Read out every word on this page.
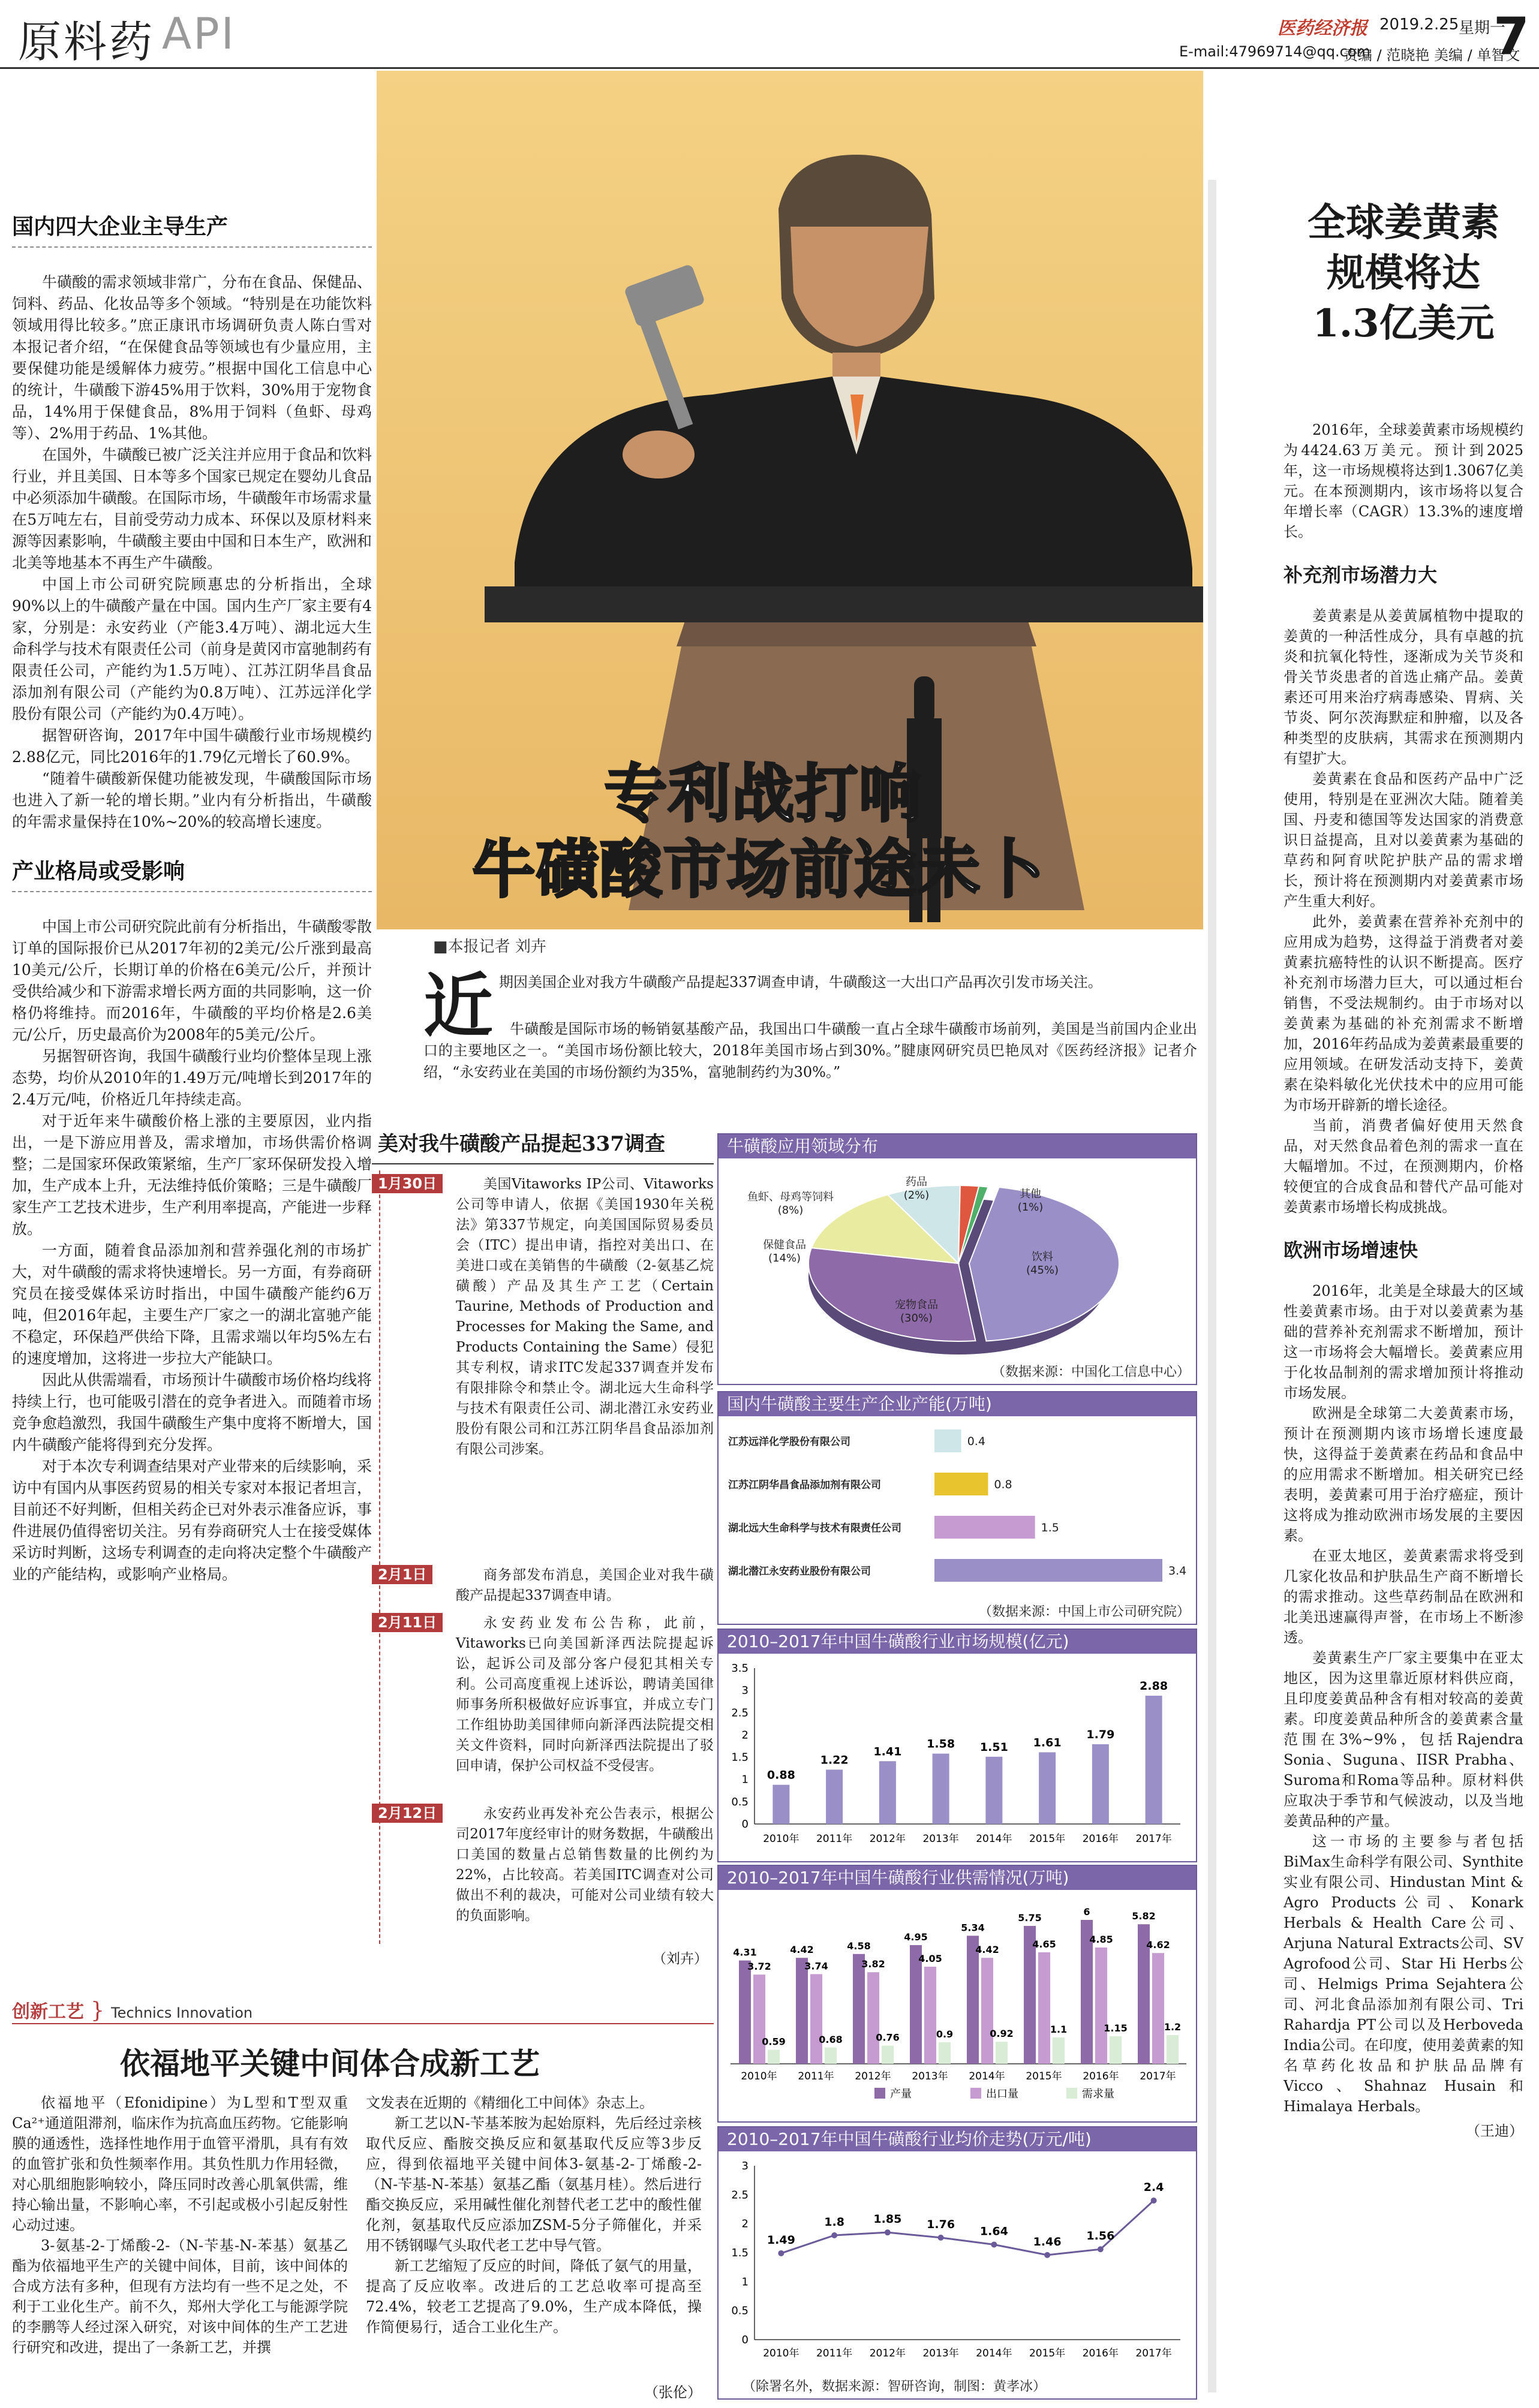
原料药 API	医药经济报 2019.2.25 星期一
E-mail:47969714@qq.com
责编 / 范晓艳 美编 / 单智文
7
国内四大企业主导生产

牛磺酸的需求领域非常广，分布在食品、保健品、饲料、药品、化妆品等多个领域。“特别是在功能饮料领域用得比较多。”庶正康讯市场调研负责人陈白雪对本报记者介绍，“在保健食品等领域也有少量应用，主要保健功能是缓解体力疲劳。”根据中国化工信息中心的统计，牛磺酸下游45%用于饮料，30%用于宠物食品，14%用于保健食品，8%用于饲料（鱼虾、母鸡等）、2%用于药品、1%其他。

在国外，牛磺酸已被广泛关注并应用于食品和饮料行业，并且美国、日本等多个国家已规定在婴幼儿食品中必须添加牛磺酸。在国际市场，牛磺酸年市场需求量在5万吨左右，目前受劳动力成本、环保以及原材料来源等因素影响，牛磺酸主要由中国和日本生产，欧洲和北美等地基本不再生产牛磺酸。

中国上市公司研究院顾惠忠的分析指出，全球90%以上的牛磺酸产量在中国。国内生产厂家主要有4家，分别是：永安药业（产能3.4万吨）、湖北远大生命科学与技术有限责任公司（前身是黄冈市富驰制药有限责任公司，产能约为1.5万吨）、江苏江阴华昌食品添加剂有限公司（产能约为0.8万吨）、江苏远洋化学股份有限公司（产能约为0.4万吨）。

据智研咨询，2017年中国牛磺酸行业市场规模约2.88亿元，同比2016年的1.79亿元增长了60.9%。

“随着牛磺酸新保健功能被发现，牛磺酸国际市场也进入了新一轮的增长期。”业内有分析指出，牛磺酸的年需求量保持在10%~20%的较高增长速度。

产业格局或受影响

中国上市公司研究院此前有分析指出，牛磺酸零散订单的国际报价已从2017年初的2美元/公斤涨到最高10美元/公斤，长期订单的价格在6美元/公斤，并预计受供给减少和下游需求增长两方面的共同影响，这一价格仍将维持。而2016年，牛磺酸的平均价格是2.6美元/公斤，历史最高价为2008年的5美元/公斤。

另据智研咨询，我国牛磺酸行业均价整体呈现上涨态势，均价从2010年的1.49万元/吨增长到2017年的2.4万元/吨，价格近几年持续走高。

对于近年来牛磺酸价格上涨的主要原因，业内指出，一是下游应用普及，需求增加，市场供需价格调整；二是国家环保政策紧缩，生产厂家环保研发投入增加，生产成本上升，无法维持低价策略；三是牛磺酸厂家生产工艺技术进步，生产利用率提高，产能进一步释放。

一方面，随着食品添加剂和营养强化剂的市场扩大，对牛磺酸的需求将快速增长。另一方面，有券商研究员在接受媒体采访时指出，中国牛磺酸产能约6万吨，但2016年起，主要生产厂家之一的湖北富驰产能不稳定，环保趋严供给下降，且需求端以年均5%左右的速度增加，这将进一步拉大产能缺口。

因此从供需端看，市场预计牛磺酸市场价格均线将持续上行，也可能吸引潜在的竞争者进入。而随着市场竞争愈趋激烈，我国牛磺酸生产集中度将不断增大，国内牛磺酸产能将得到充分发挥。

对于本次专利调查结果对产业带来的后续影响，采访中有国内从事医药贸易的相关专家对本报记者坦言，目前还不好判断，但相关药企已对外表示准备应诉，事件进展仍值得密切关注。另有券商研究人士在接受媒体采访时判断，这场专利调查的走向将决定整个牛磺酸产业的产能结构，或影响产业格局。

专利战打响
牛磺酸市场前途未卜
■本报记者 刘卉
近 期因美国企业对我方牛磺酸产品提起337调查申请，牛磺酸这一大出口产品再次引发市场关注。
牛磺酸是国际市场的畅销氨基酸产品，我国出口牛磺酸一直占全球牛磺酸市场前列，美国是当前国内企业出口的主要地区之一。“美国市场份额比较大，2018年美国市场占到30%。”腱康网研究员巴艳凤对《医药经济报》记者介绍，“永安药业在美国的市场份额约为35%，富驰制药约为30%。”
美对我牛磺酸产品提起337调查
1月30日	美国Vitaworks IP公司、Vitaworks公司等申请人，依据《美国1930年关税法》第337节规定，向美国国际贸易委员会（ITC）提出申请，指控对美出口、在美进口或在美销售的牛磺酸（2-氨基乙烷磺酸）产品及其生产工艺（Certain Taurine, Methods of Production and Processes for Making the Same, and Products Containing the Same）侵犯其专利权，请求ITC发起337调查并发布有限排除令和禁止令。湖北远大生命科学与技术有限责任公司、湖北潜江永安药业股份有限公司和江苏江阴华昌食品添加剂有限公司涉案。
2月1日	商务部发布消息，美国企业对我牛磺酸产品提起337调查申请。
2月11日	永安药业发布公告称，此前，Vitaworks已向美国新泽西法院提起诉讼，起诉公司及部分客户侵犯其相关专利。公司高度重视上述诉讼，聘请美国律师事务所积极做好应诉事宜，并成立专门工作组协助美国律师向新泽西法院提交相关文件资料，同时向新泽西法院提出了驳回申请，保护公司权益不受侵害。
2月12日	永安药业再发补充公告表示，根据公司2017年度经审计的财务数据，牛磺酸出口美国的数量占总销售数量的比例约为22%，占比较高。若美国ITC调查对公司做出不利的裁决，可能对公司业绩有较大的负面影响。
（刘卉）
牛磺酸应用领域分布
饮料
(45%)
宠物食品
(30%)
保健食品
(14%)
鱼虾、母鸡等饲料
(8%)
药品
(2%)	其他
(1%)
（数据来源：中国化工信息中心）
国内牛磺酸主要生产企业产能(万吨)
江苏远洋化学股份有限公司	0.4
江苏江阴华昌食品添加剂有限公司	0.8
湖北远大生命科学与技术有限责任公司	1.5
湖北潜江永安药业股份有限公司	3.4
（数据来源：中国上市公司研究院）
2010–2017年中国牛磺酸行业市场规模(亿元)
0
0.5
1
1.5
2
2.5
3
3.5
0.88
2010年
1.22
2011年
1.41
2012年
1.58
2013年
1.51
2014年
1.61
2015年
1.79
2016年
2.88
2017年
2010–2017年中国牛磺酸行业供需情况(万吨)
4.31
3.72
0.59
2010年
4.42
3.74
0.68
2011年
4.58
3.82
0.76
2012年
4.95
4.05
0.9
2013年
5.34
4.42
0.92
2014年
5.75
4.65
1.1
2015年
6
4.85
1.15
2016年
5.82
4.62
1.2
2017年
产量	出口量	需求量
2010–2017年中国牛磺酸行业均价走势(万元/吨)
0
0.5
1
1.5
2
2.5
3
1.49
2010年
1.8
2011年
1.85
2012年
1.76
2013年
1.64
2014年
1.46
2015年
1.56
2016年
2.4
2017年
（除署名外，数据来源：智研咨询，制图：黄孝冰）
创新工艺 } Technics Innovation
依福地平关键中间体合成新工艺

依福地平（Efonidipine）为L型和T型双重Ca²⁺通道阻滞剂，临床作为抗高血压药物。它能影响膜的通透性，选择性地作用于血管平滑肌，具有有效的血管扩张和负性频率作用。其负性肌力作用轻微，对心肌细胞影响较小，降压同时改善心肌氧供需，维持心输出量，不影响心率，不引起或极小引起反射性心动过速。

3-氨基-2-丁烯酸-2-（N-苄基-N-苯基）氨基乙酯为依福地平生产的关键中间体，目前，该中间体的合成方法有多种，但现有方法均有一些不足之处，不利于工业化生产。前不久，郑州大学化工与能源学院的李鹏等人经过深入研究，对该中间体的生产工艺进行研究和改进，提出了一条新工艺，并撰

文发表在近期的《精细化工中间体》杂志上。

新工艺以N-苄基苯胺为起始原料，先后经过亲核取代反应、酯胺交换反应和氨基取代反应等3步反应，得到依福地平关键中间体3-氨基-2-丁烯酸-2-（N-苄基-N-苯基）氨基乙酯（氨基月桂）。然后进行酯交换反应，采用碱性催化剂替代老工艺中的酸性催化剂，氨基取代反应添加ZSM-5分子筛催化，并采用不锈钢曝气头取代老工艺中导气管。

新工艺缩短了反应的时间，降低了氨气的用量，提高了反应收率。改进后的工艺总收率可提高至72.4%，较老工艺提高了9.0%，生产成本降低，操作简便易行，适合工业化生产。

（张伦）
全球姜黄素
规模将达
1.3亿美元

2016年，全球姜黄素市场规模约为4424.63万美元。预计到2025年，这一市场规模将达到1.3067亿美元。在本预测期内，该市场将以复合年增长率（CAGR）13.3%的速度增长。

补充剂市场潜力大

姜黄素是从姜黄属植物中提取的姜黄的一种活性成分，具有卓越的抗炎和抗氧化特性，逐渐成为关节炎和骨关节炎患者的首选止痛产品。姜黄素还可用来治疗病毒感染、胃病、关节炎、阿尔茨海默症和肿瘤，以及各种类型的皮肤病，其需求在预测期内有望扩大。

姜黄素在食品和医药产品中广泛使用，特别是在亚洲次大陆。随着美国、丹麦和德国等发达国家的消费意识日益提高，且对以姜黄素为基础的草药和阿育吠陀护肤产品的需求增长，预计将在预测期内对姜黄素市场产生重大利好。

此外，姜黄素在营养补充剂中的应用成为趋势，这得益于消费者对姜黄素抗癌特性的认识不断提高。医疗补充剂市场潜力巨大，可以通过柜台销售，不受法规制约。由于市场对以姜黄素为基础的补充剂需求不断增加，2016年药品成为姜黄素最重要的应用领域。在研发活动支持下，姜黄素在染料敏化光伏技术中的应用可能为市场开辟新的增长途径。

当前，消费者偏好使用天然食品，对天然食品着色剂的需求一直在大幅增加。不过，在预测期内，价格较便宜的合成食品和替代产品可能对姜黄素市场增长构成挑战。

欧洲市场增速快

2016年，北美是全球最大的区域性姜黄素市场。由于对以姜黄素为基础的营养补充剂需求不断增加，预计这一市场将会大幅增长。姜黄素应用于化妆品制剂的需求增加预计将推动市场发展。

欧洲是全球第二大姜黄素市场，预计在预测期内该市场增长速度最快，这得益于姜黄素在药品和食品中的应用需求不断增加。相关研究已经表明，姜黄素可用于治疗癌症，预计这将成为推动欧洲市场发展的主要因素。

在亚太地区，姜黄素需求将受到几家化妆品和护肤品生产商不断增长的需求推动。这些草药制品在欧洲和北美迅速赢得声誉，在市场上不断渗透。

姜黄素生产厂家主要集中在亚太地区，因为这里靠近原材料供应商，且印度姜黄品种含有相对较高的姜黄素。印度姜黄品种所含的姜黄素含量范围在3%~9%，包括Rajendra Sonia、Suguna、IISR Prabha、Suroma和Roma等品种。原材料供应取决于季节和气候波动，以及当地姜黄品种的产量。

这一市场的主要参与者包括BiMax生命科学有限公司、Synthite实业有限公司、Hindustan Mint & Agro Products公司、Konark Herbals & Health Care公司、Arjuna Natural Extracts公司、SV Agrofood公司、Star Hi Herbs公司、Helmigs Prima Sejahtera公司、河北食品添加剂有限公司、Tri Rahardja PT公司以及Herboveda India公司。在印度，使用姜黄素的知名草药化妆品和护肤品品牌有Vicco、Shahnaz Husain和Himalaya Herbals。

（王迪）
